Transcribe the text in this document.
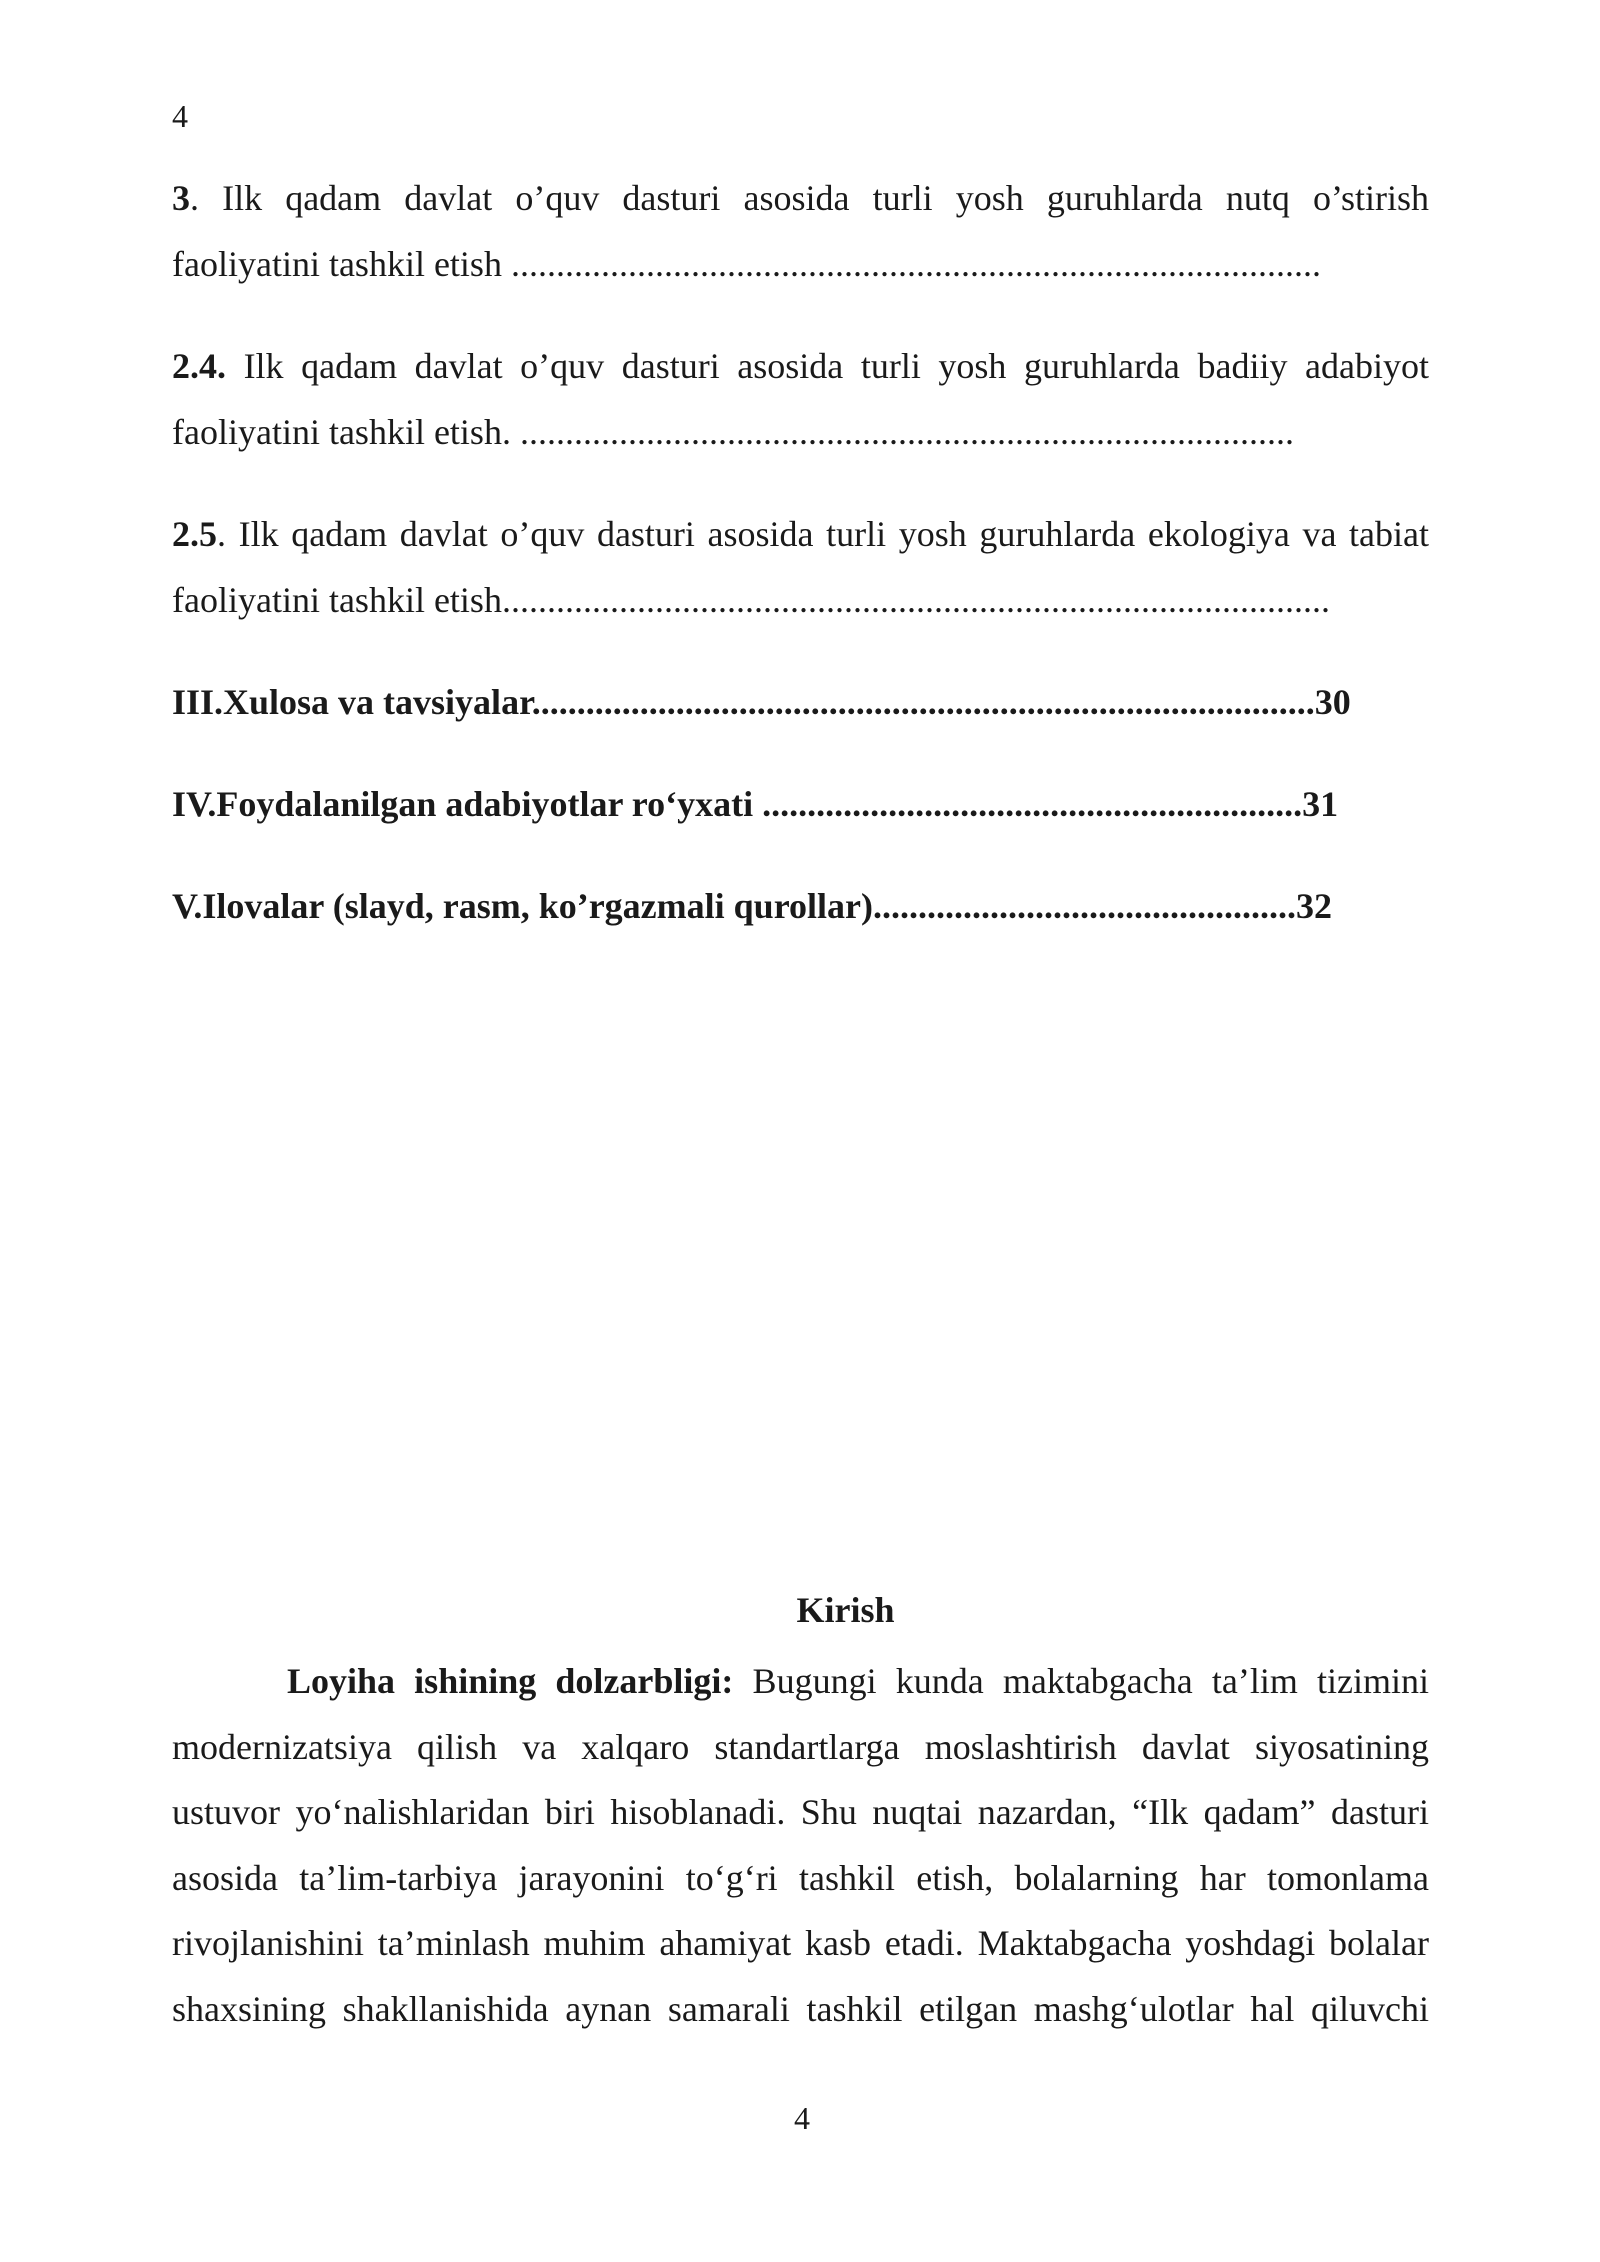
4
3. Ilk qadam davlat o’quv dasturi asosida turli yosh guruhlarda nutq o’stirish
faoliyatini tashkil etish ..........................................................................................
2.4. Ilk qadam davlat o’quv dasturi asosida turli yosh guruhlarda badiiy adabiyot
faoliyatini tashkil etish. ......................................................................................
2.5. Ilk qadam davlat o’quv dasturi asosida turli yosh guruhlarda ekologiya va tabiat
faoliyatini tashkil etish............................................................................................
III.Xulosa va tavsiyalar.......................................................................................30
IV.Foydalanilgan adabiyotlar ro‘yxati ............................................................31
V.Ilovalar (slayd, rasm, ko’rgazmali qurollar)...............................................32
Kirish
Loyiha ishining dolzarbligi: Bugungi kunda maktabgacha ta’lim tizimini
modernizatsiya qilish va xalqaro standartlarga moslashtirish davlat siyosatining
ustuvor yo‘nalishlaridan biri hisoblanadi. Shu nuqtai nazardan, “Ilk qadam” dasturi
asosida ta’lim-tarbiya jarayonini to‘g‘ri tashkil etish, bolalarning har tomonlama
rivojlanishini ta’minlash muhim ahamiyat kasb etadi. Maktabgacha yoshdagi bolalar
shaxsining shakllanishida aynan samarali tashkil etilgan mashg‘ulotlar hal qiluvchi
4
